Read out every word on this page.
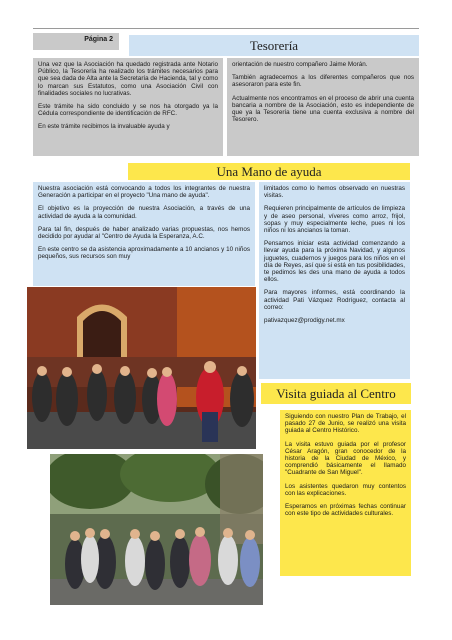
Página 2	Tesorería

Una vez que la Asociación ha quedado registrada ante Notario Público, la Tesorería ha realizado los trámites necesarios para que sea dada de Alta ante la Secretaría de Hacienda, tal y como lo marcan sus Estatutos, como una Asociación Civil con finalidades sociales no lucrativas.

Este trámite ha sido concluido y se nos ha otorgado ya la Cédula correspondiente de identificación de RFC.

En este trámite recibimos la invaluable ayuda y

orientación de nuestro compañero Jaime Morán.

También agradecemos a los diferentes compañeros que nos asesoraron para este fin.

Actualmente nos encontramos en el proceso de abrir una cuenta bancaria a nombre de la Asociación, esto es independiente de que ya la Tesorería tiene una cuenta exclusiva a nombre del Tesorero.

Una Mano de ayuda

Nuestra asociación está convocando a todos los integrantes de nuestra Generación a participar en el proyecto "Una mano de ayuda".

El objetivo es la proyección de nuestra Asociación, a través de una actividad de ayuda a la comunidad.

Para tal fin, después de haber analizado varias propuestas, nos hemos decidido por ayudar al "Centro de Ayuda la Esperanza, A.C.

En este centro se da asistencia aproximadamente a 10 ancianos y 10 niños pequeños, sus recursos son muy

limitados como lo hemos observado en nuestras visitas.

Requieren principalmente de artículos de limpieza y de aseo personal, víveres como arroz, frijol, sopas y muy especialmente leche, pues ni los niños ni los ancianos la toman.

Pensamos iniciar esta actividad comenzando a llevar ayuda para la próxima Navidad, y algunos juguetes, cuadernos y juegos para los niños en el día de Reyes, así que si está en tus posibilidades, te pedimos les des una mano de ayuda a todos ellos.

Para mayores informes, está coordinando la actividad Pati Vázquez Rodríguez, contacta al correo:

pativazquez@prodigy.net.mx

Visita guiada al Centro

Siguiendo con nuestro Plan de Trabajo, el pasado 27 de Junio, se realizó una visita guiada al Centro Histórico.

La visita estuvo guiada por el profesor César Aragón, gran conocedor de la historia de la Ciudad de México, y comprendió básicamente el llamado "Cuadrante de San Miguel".

Los asistentes quedaron muy contentos con las explicaciones.

Esperamos en próximas fechas continuar con este tipo de actividades culturales.
